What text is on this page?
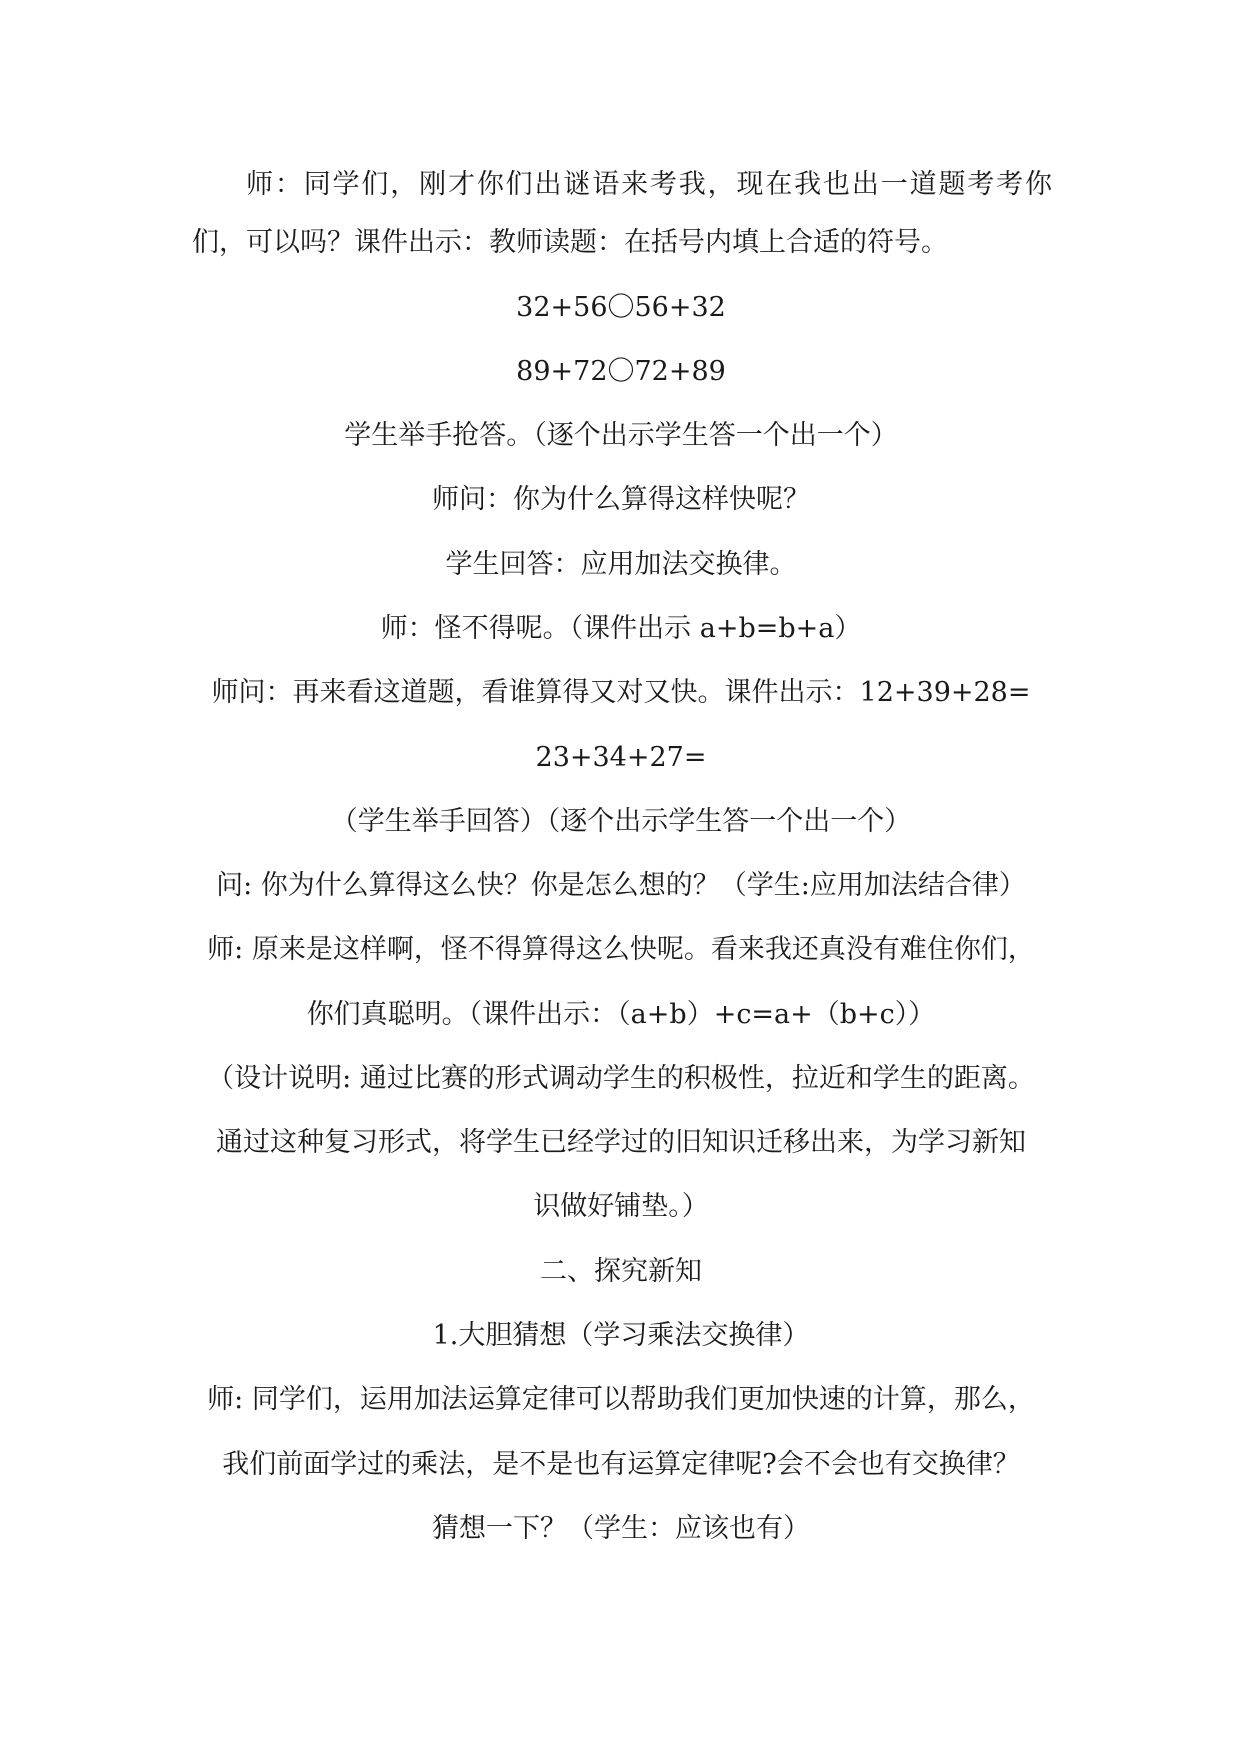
师：同学们，刚才你们出谜语来考我，现在我也出一道题考考你
们，可以吗？课件出示：教师读题：在括号内填上合适的符号。
32+56〇56+32
89+72〇72+89
学生举手抢答。（逐个出示学生答一个出一个）
师问：你为什么算得这样快呢？
学生回答：应用加法交换律。
师：怪不得呢。（课件出示 a+b=b+a）
师问：再来看这道题，看谁算得又对又快。课件出示：12+39+28=
23+34+27=
（学生举手回答）（逐个出示学生答一个出一个）
问: 你为什么算得这么快？你是怎么想的？（学生:应用加法结合律）
师: 原来是这样啊，怪不得算得这么快呢。看来我还真没有难住你们，
你们真聪明。（课件出示：（a+b）+c=a+（b+c））
（设计说明: 通过比赛的形式调动学生的积极性，拉近和学生的距离。
通过这种复习形式，将学生已经学过的旧知识迁移出来，为学习新知
识做好铺垫。）
二、探究新知
1.大胆猜想（学习乘法交换律）
师: 同学们，运用加法运算定律可以帮助我们更加快速的计算，那么，
我们前面学过的乘法，是不是也有运算定律呢?会不会也有交换律？
猜想一下？（学生：应该也有）
